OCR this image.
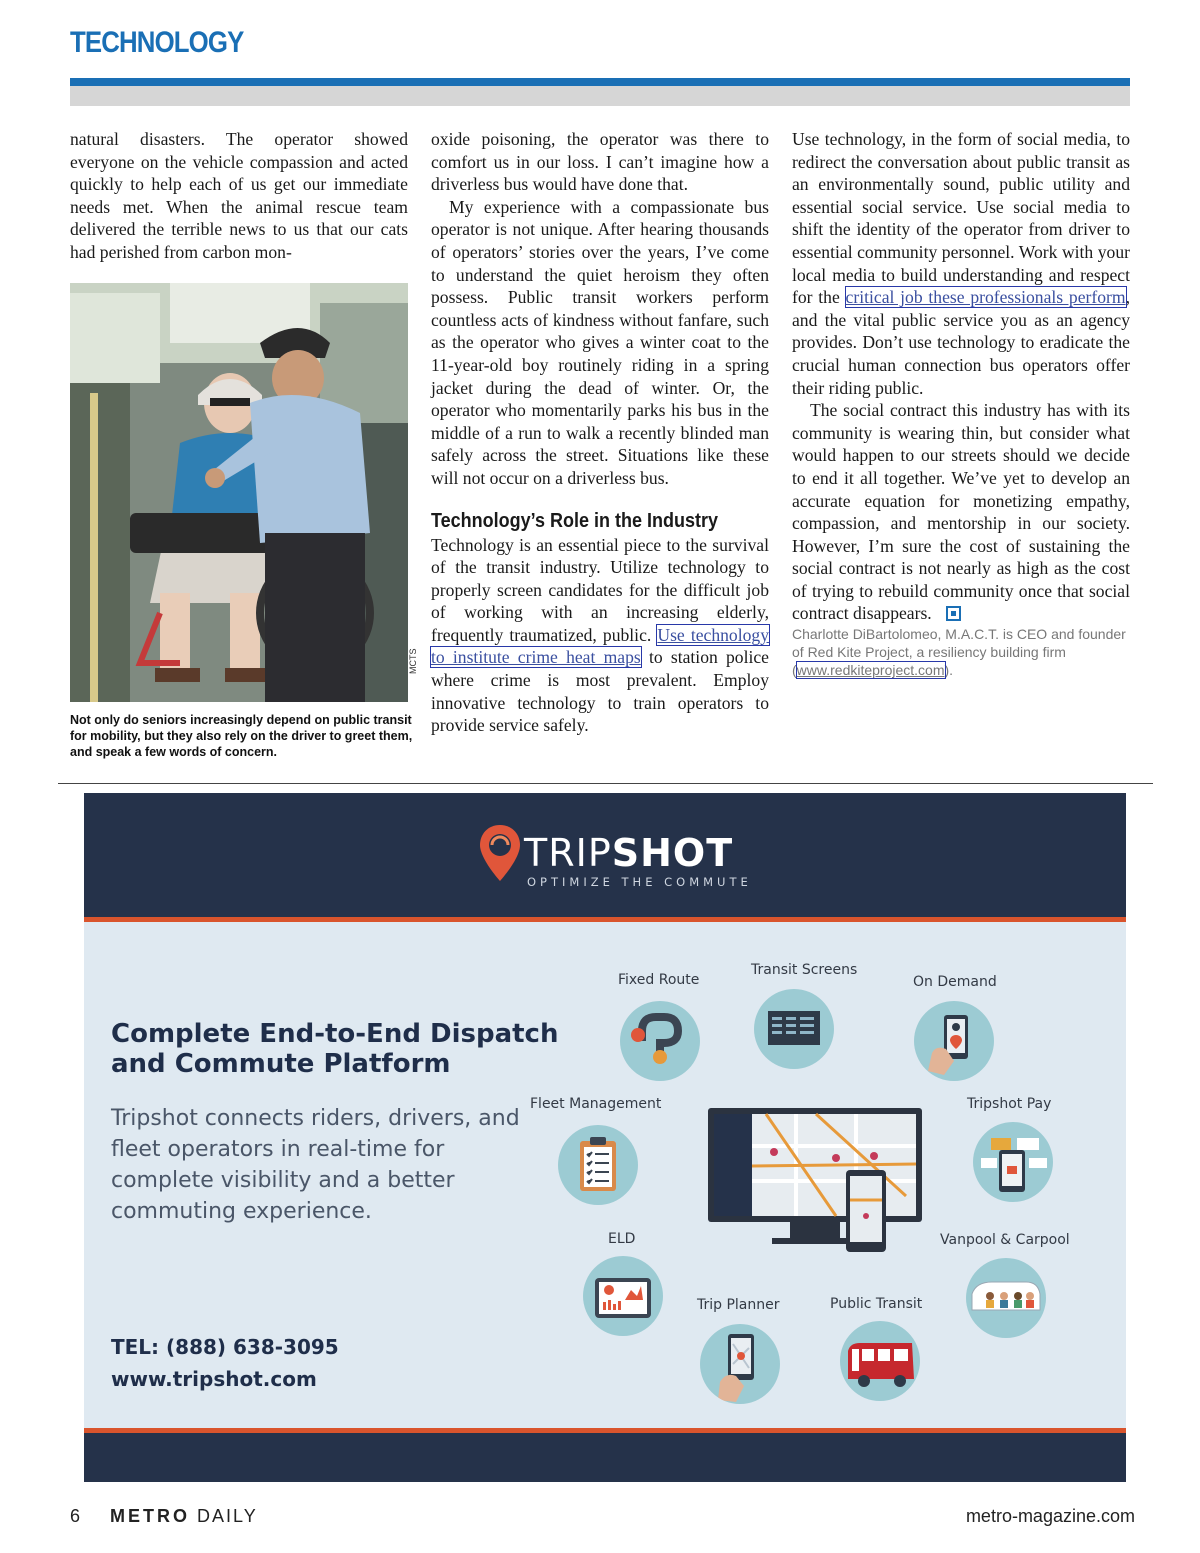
TECHNOLOGY

natural disasters. The operator showed everyone on the vehicle compassion and acted quickly to help each of us get our immediate needs met. When the animal rescue team delivered the terrible news to us that our cats had perished from carbon mon-

MCTS
Not only do seniors increasingly depend on public transit for mobility, but they also rely on the driver to greet them, and speak a few words of concern.

oxide poisoning, the operator was there to comfort us in our loss. I can’t imagine how a driverless bus would have done that.

My experience with a compassionate bus operator is not unique. After hearing thousands of operators’ stories over the years, I’ve come to understand the quiet heroism they often possess. Public transit workers perform countless acts of kindness without fanfare, such as the operator who gives a winter coat to the 11-year-old boy routinely riding in a spring jacket during the dead of winter. Or, the operator who momentarily parks his bus in the middle of a run to walk a recently blinded man safely across the street. Situations like these will not occur on a driverless bus.

Technology’s Role in the Industry

Technology is an essential piece to the survival of the transit industry. Utilize technology to properly screen candidates for the difficult job of working with an increasing elderly, frequently traumatized, public. Use technology to institute crime heat maps to station police where crime is most prevalent. Employ innovative technology to train operators to provide service safely.

Use technology, in the form of social media, to redirect the conversation about public transit as an environmentally sound, public utility and essential social service. Use social media to shift the identity of the operator from driver to essential community personnel. Work with your local media to build understanding and respect for the critical job these professionals perform, and the vital public service you as an agency provides. Don’t use technology to eradicate the crucial human connection bus operators offer their riding public.

The social contract this industry has with its community is wearing thin, but consider what would happen to our streets should we decide to end it all together. We’ve yet to develop an accurate equation for monetizing empathy, compassion, and mentorship in our society. However, I’m sure the cost of sustaining the social contract is not nearly as high as the cost of trying to rebuild community once that social contract disappears.

Charlotte DiBartolomeo, M.A.C.T. is CEO and founder of Red Kite Project, a resiliency building firm (www.redkiteproject.com).

TRIPSHOT
OPTIMIZE THE COMMUTE
Complete End-to-End Dispatch and Commute Platform
Tripshot connects riders, drivers, and fleet operators in real-time for complete visibility and a better commuting experience.
TEL: (888) 638-3095
www.tripshot.com
Fixed Route
Transit Screens
On Demand
Fleet Management	Tripshot Pay
ELD	Vanpool & Carpool
Trip Planner	Public Transit
6 METRO DAILY	metro-magazine.com
